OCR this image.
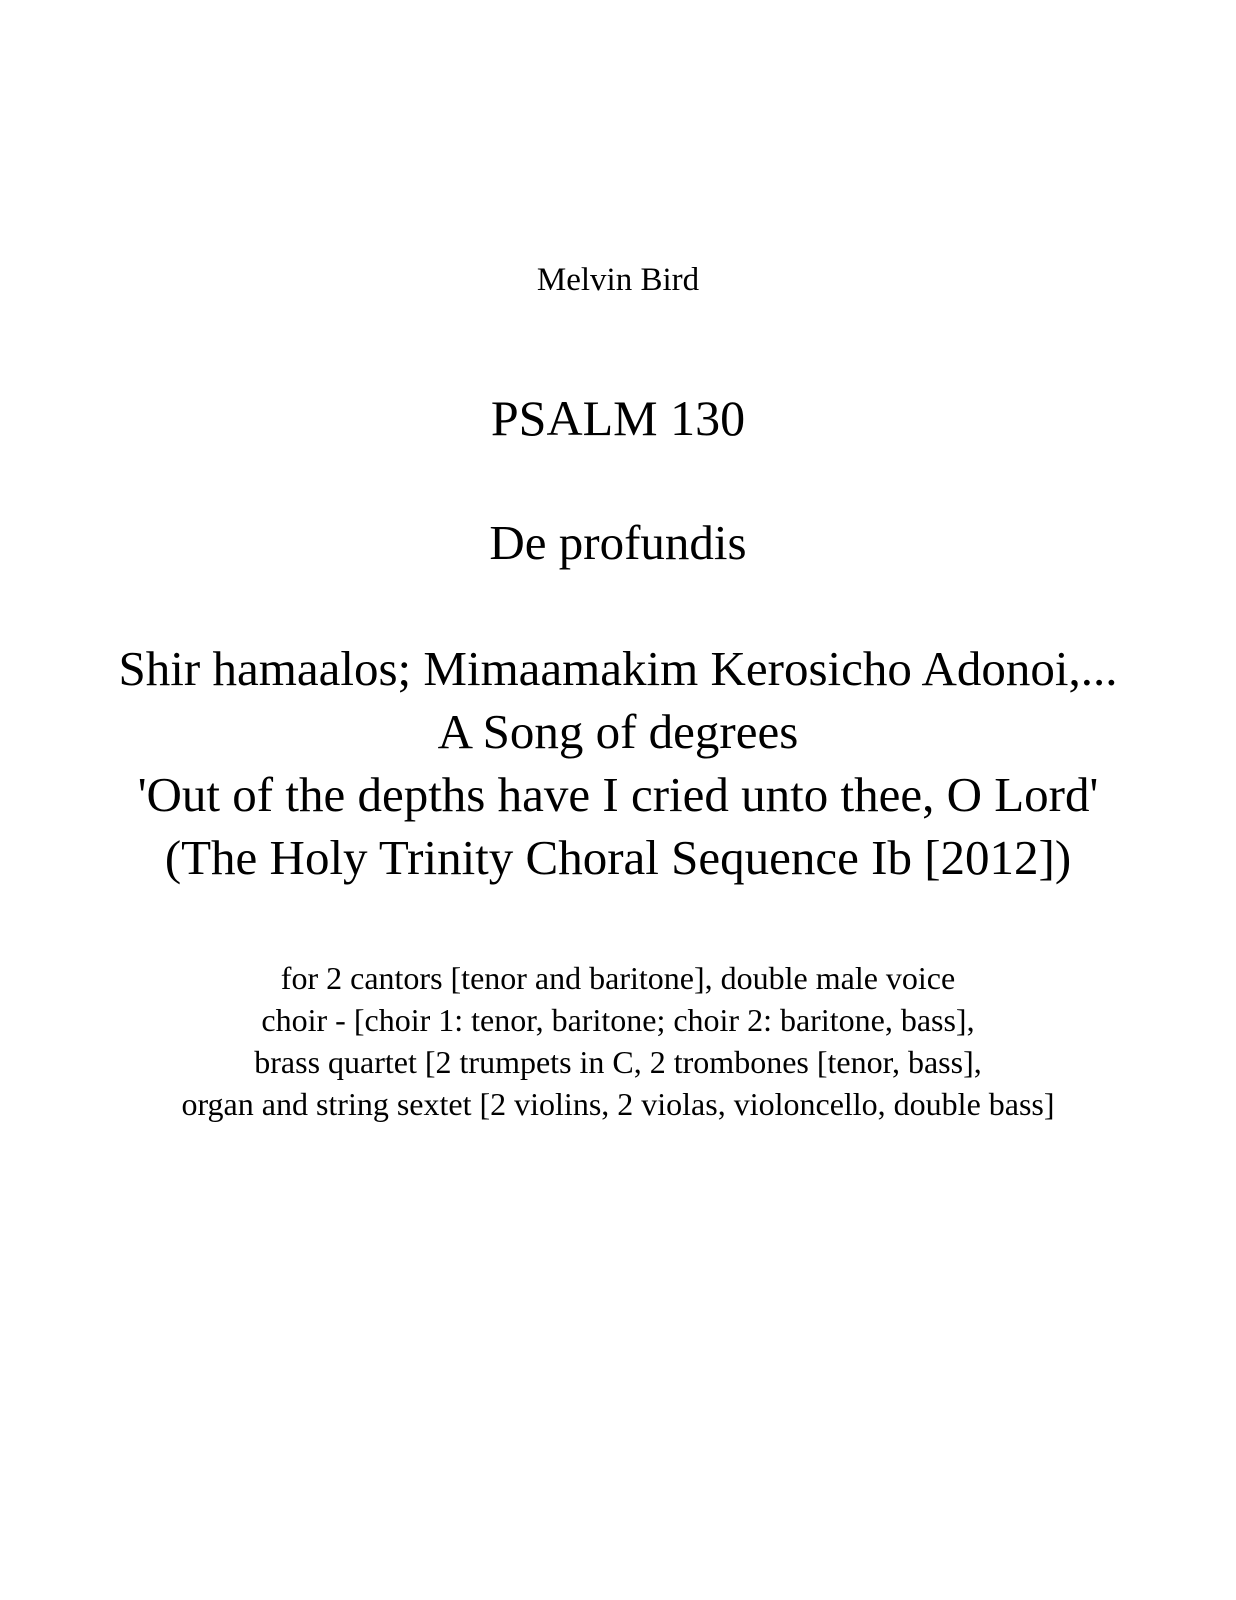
Melvin Bird
PSALM 130
De profundis
Shir hamaalos; Mimaamakim Kerosicho Adonoi,...
A Song of degrees
'Out of the depths have I cried unto thee, O Lord'
(The Holy Trinity Choral Sequence Ib [2012])
for 2 cantors [tenor and baritone], double male voice
choir - [choir 1: tenor, baritone; choir 2: baritone, bass],
brass quartet [2 trumpets in C, 2 trombones [tenor, bass],
organ and string sextet [2 violins, 2 violas, violoncello, double bass]
